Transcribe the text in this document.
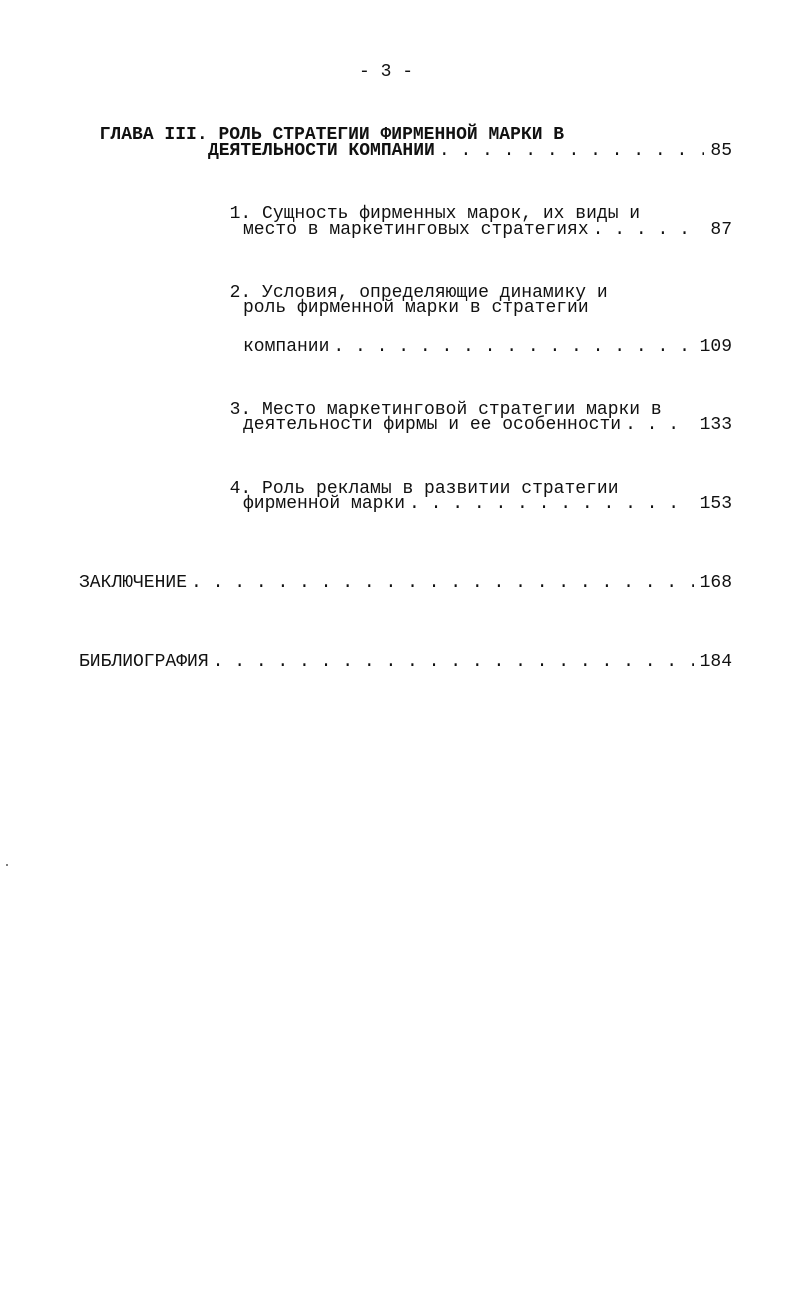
- 3 -

ГЛАВА III. РОЛЬ СТРАТЕГИИ ФИРМЕННОЙ МАРКИ В

ДЕЯТЕЛЬНОСТИ КОМПАНИИ . . .	85

1. Сущность фирменных марок, их виды и

место в маркетинговых стратегиях . . .	87

2. Условия, определяющие динамику и

роль фирменной марки в стратегии
компании . . .	109

3. Место маркетинговой стратегии марки в

деятельности фирмы и ее особенности . . .	133

4. Роль рекламы в развитии стратегии

фирменной марки . . .	153
ЗАКЛЮЧЕНИЕ . . .	168
БИБЛИОГРАФИЯ . . .	184
